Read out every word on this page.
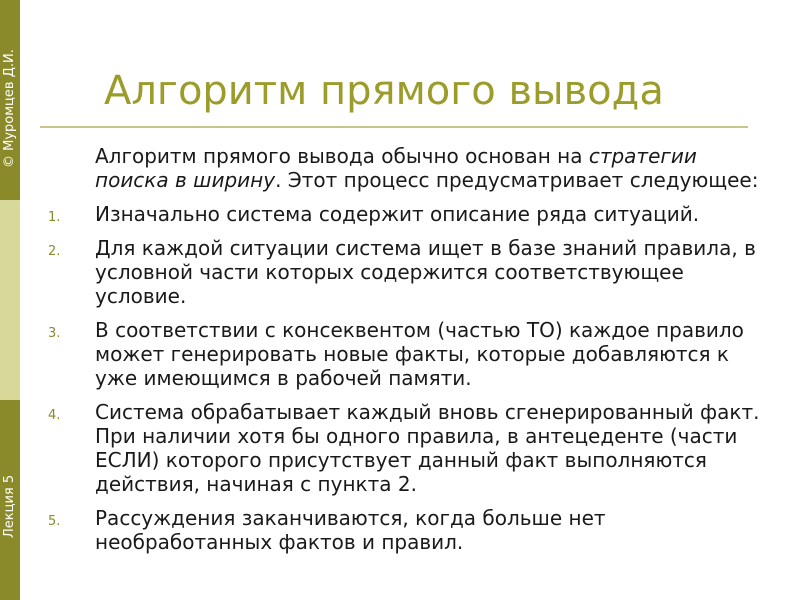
© Муромцев Д.И.
Лекция 5
Алгоритм прямого вывода

Алгоритм прямого вывода обычно основан на стратегии поиска в ширину. Этот процесс предусматривает следующее:

1. Изначально система содержит описание ряда ситуаций.
2. Для каждой ситуации система ищет в базе знаний правила, в условной части которых содержится соответствующее условие.
3. В соответствии с консеквентом (частью ТО) каждое правило может генерировать новые факты, которые добавляются к уже имеющимся в рабочей памяти.
4. Система обрабатывает каждый вновь сгенерированный факт. При наличии хотя бы одного правила, в антецеденте (части ЕСЛИ) которого присутствует данный факт выполняются действия, начиная с пункта 2.
5. Рассуждения заканчиваются, когда больше нет необработанных фактов и правил.
